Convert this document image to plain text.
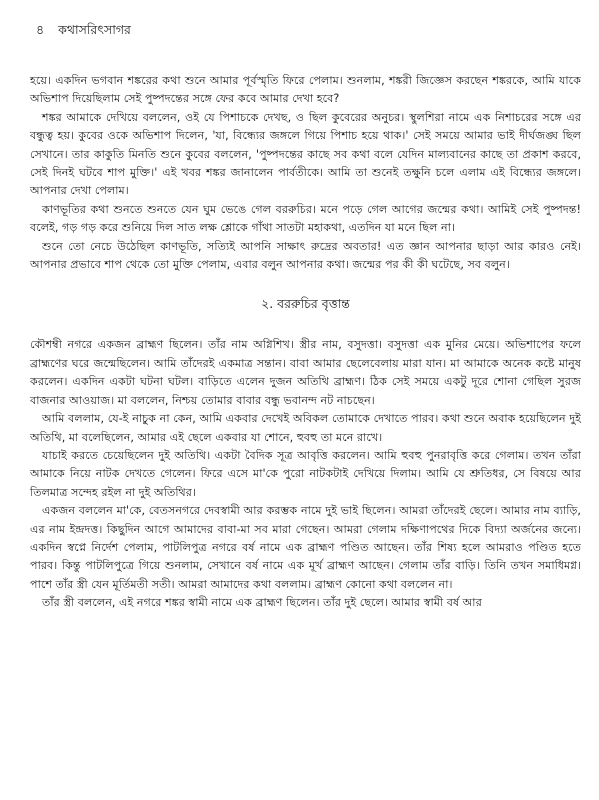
৪ কথাসরিৎসাগর

হয়ে। একদিন ভগবান শঙ্করের কথা শুনে আমার পূর্বস্মৃতি ফিরে পেলাম। শুনলাম, শঙ্করী জিজ্ঞেস করছেন শঙ্করকে, আমি যাকে অভিশাপ দিয়েছিলাম সেই পুষ্পদন্তের সঙ্গে ফের কবে আমার দেখা হবে?

শঙ্কর আমাকে দেখিয়ে বললেন, ওই যে পিশাচকে দেখছ, ও ছিল কুবেরের অনুচর। স্থুলশিরা নামে এক নিশাচরের সঙ্গে এর বন্ধুত্ব হয়। কুবের ওকে অভিশাপ দিলেন, 'যা, বিন্ধ্যের জঙ্গলে গিয়ে পিশাচ হয়ে থাক।' সেই সময়ে আমার ভাই দীর্ঘজঙ্ঘ ছিল সেখানে। তার কাকুতি মিনতি শুনে কুবের বললেন, 'পুষ্পদন্তের কাছে সব কথা বলে যেদিন মাল্যবানের কাছে তা প্রকাশ করবে, সেই দিনই ঘটবে শাপ মুক্তি।' এই খবর শঙ্কর জানালেন পার্বতীকে। আমি তা শুনেই তক্ষুনি চলে এলাম এই বিন্ধ্যের জঙ্গলে। আপনার দেখা পেলাম।

কাণভূতির কথা শুনতে শুনতে যেন ঘুম ভেঙে গেল বররুচির। মনে পড়ে গেল আগের জন্মের কথা। আমিই সেই পুষ্পদন্ত! বলেই, গড় গড় করে শুনিয়ে দিল সাত লক্ষ শ্লোকে গাঁথা সাতটা মহাকথা, এতদিন যা মনে ছিল না।

শুনে তো নেচে উঠেছিল কাণভূতি, সত্যিই আপনি সাক্ষাৎ রুদ্রের অবতার! এত জ্ঞান আপনার ছাড়া আর কারও নেই। আপনার প্রভাবে শাপ থেকে তো মুক্তি পেলাম, এবার বলুন আপনার কথা। জন্মের পর কী কী ঘটেছে, সব বলুন।

২. বররুচির বৃত্তান্ত

কৌশম্বী নগরে একজন ব্রাহ্মণ ছিলেন। তাঁর নাম অগ্নিশিখ। স্ত্রীর নাম, বসুদত্তা। বসুদত্তা এক মুনির মেয়ে। অভিশাপের ফলে ব্রাহ্মণের ঘরে জন্মেছিলেন। আমি তাঁদেরই একমাত্র সন্তান। বাবা আমার ছেলেবেলায় মারা যান। মা আমাকে অনেক কষ্টে মানুষ করলেন। একদিন একটা ঘটনা ঘটল। বাড়িতে এলেন দুজন অতিথি ব্রাহ্মণ। ঠিক সেই সময়ে একটু দূরে শোনা গেছিল সুরজ বাজনার আওয়াজ। মা বললেন, নিশ্চয় তোমার বাবার বন্ধু ভবানন্দ নট নাচছেন।

আমি বললাম, যে-ই নাচুক না কেন, আমি একবার দেখেই অবিকল তোমাকে দেখাতে পারব। কথা শুনে অবাক হয়েছিলেন দুই অতিথি, মা বলেছিলেন, আমার এই ছেলে একবার যা শোনে, হুবহু তা মনে রাখে।

যাচাই করতে চেয়েছিলেন দুই অতিথি। একটা বৈদিক সূত্র আবৃত্তি করলেন। আমি হুবহু পুনরাবৃত্তি করে গেলাম। তখন তাঁরা আমাকে নিয়ে নাটক দেখতে গেলেন। ফিরে এসে মা'কে পুরো নাটকটাই দেখিয়ে দিলাম। আমি যে শ্রুতিধর, সে বিষয়ে আর তিলমাত্র সন্দেহ রইল না দুই অতিথির।

একজন বললেন মা'কে, বেতসনগরে দেবস্বামী আর করম্ভক নামে দুই ভাই ছিলেন। আমরা তাঁদেরই ছেলে। আমার নাম ব্যাড়ি, এর নাম ইন্দ্রদত্ত। কিছুদিন আগে আমাদের বাবা-মা সব মারা গেছেন। আমরা গেলাম দক্ষিণাপথের দিকে বিদ্যা অর্জনের জন্যে। একদিন স্বপ্নে নির্দেশ পেলাম, পাটলিপুত্র নগরে বর্ষ নামে এক ব্রাহ্মণ পণ্ডিত আছেন। তাঁর শিষ্য হলে আমরাও পণ্ডিত হতে পারব। কিন্তু পাটলিপুত্রে গিয়ে শুনলাম, সেখানে বর্ষ নামে এক মূর্খ ব্রাহ্মণ আছেন। গেলাম তাঁর বাড়ি। তিনি তখন সমাধিমগ্ন। পাশে তাঁর স্ত্রী যেন মূর্তিমতী সতী। আমরা আমাদের কথা বললাম। ব্রাহ্মণ কোনো কথা বললেন না।

তাঁর স্ত্রী বললেন, এই নগরে শঙ্কর স্বামী নামে এক ব্রাহ্মণ ছিলেন। তাঁর দুই ছেলে। আমার স্বামী বর্ষ আর
